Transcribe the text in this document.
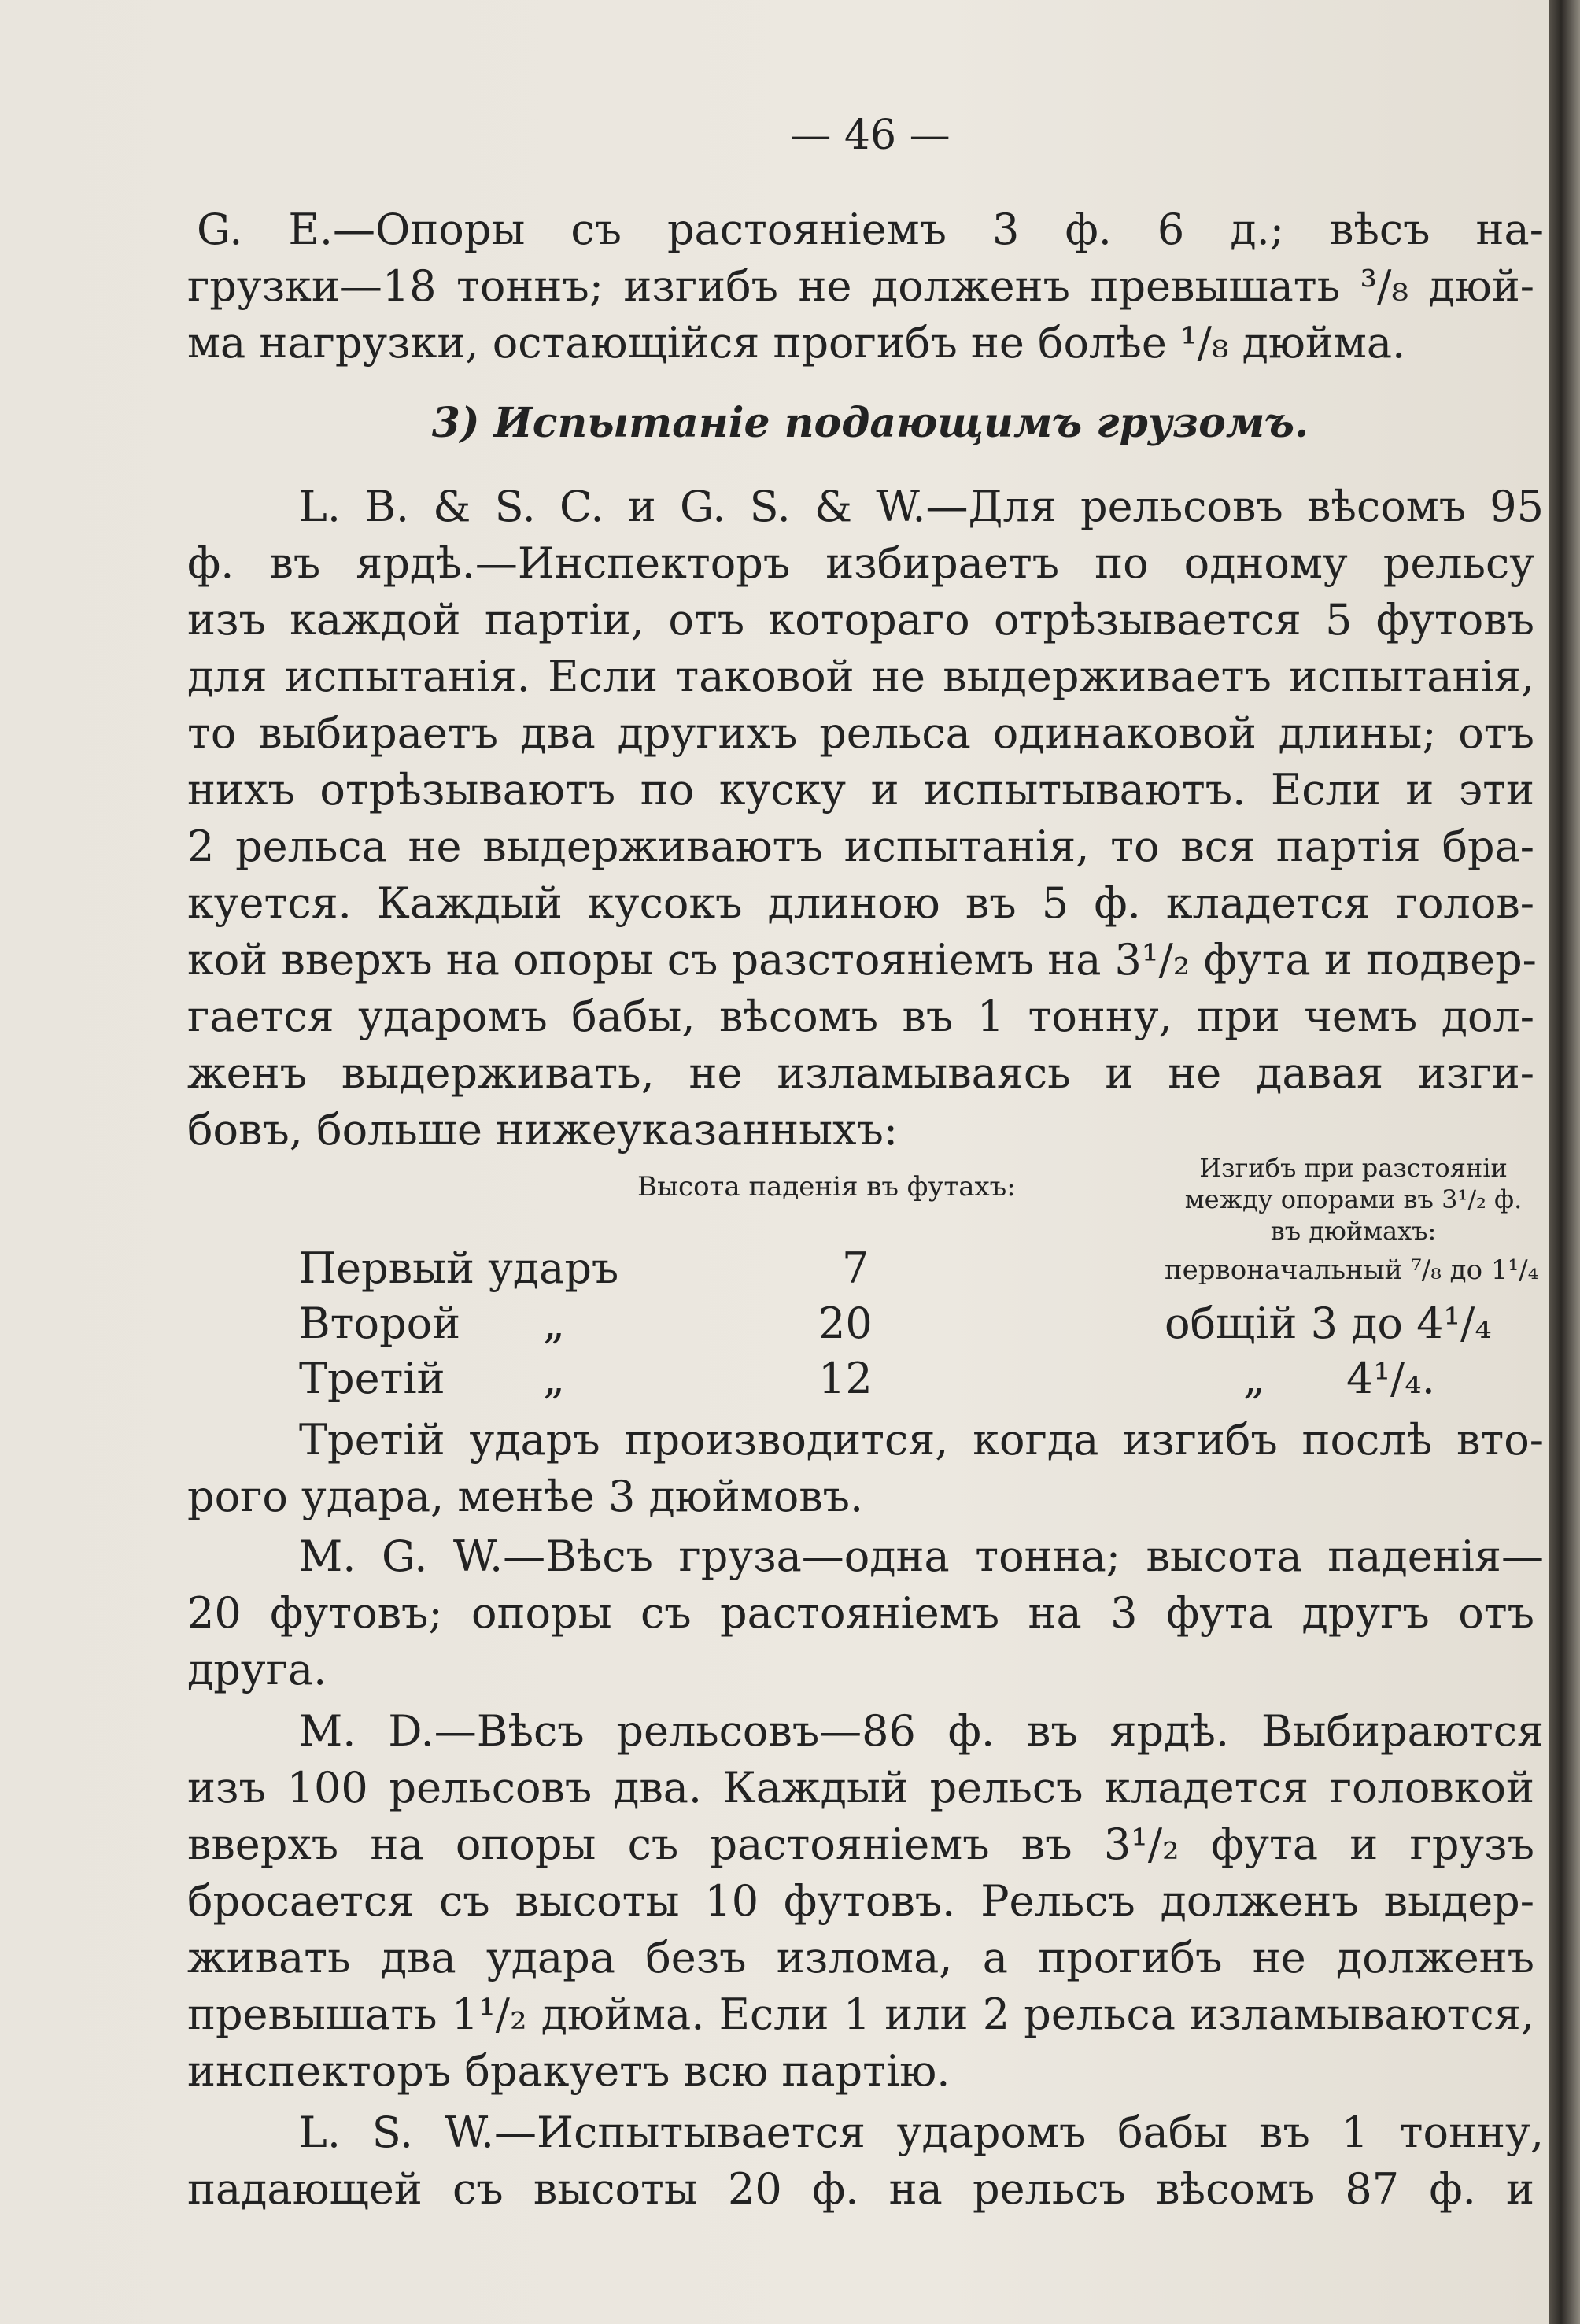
— 46 —
G. E.—Опоры съ растояніемъ 3 ф. 6 д.; вѣсъ на-
грузки—18 тоннъ; изгибъ не долженъ превышать ³/₈ дюй-
ма нагрузки, остающійся прогибъ не болѣе ¹/₈ дюйма.
3) Испытаніе подающимъ грузомъ.
L. B. & S. C. и G. S. & W.—Для рельсовъ вѣсомъ 95
ф. въ ярдѣ.—Инспекторъ избираетъ по одному рельсу
изъ каждой партіи, отъ котораго отрѣзывается 5 футовъ
для испытанія. Если таковой не выдерживаетъ испытанія,
то выбираетъ два другихъ рельса одинаковой длины; отъ
нихъ отрѣзываютъ по куску и испытываютъ. Если и эти
2 рельса не выдерживаютъ испытанія, то вся партія бра-
куется. Каждый кусокъ длиною въ 5 ф. кладется голов-
кой вверхъ на опоры съ разстояніемъ на 3¹/₂ фута и подвер-
гается ударомъ бабы, вѣсомъ въ 1 тонну, при чемъ дол-
женъ выдерживать, не изламываясь и не давая изги-
бовъ, больше нижеуказанныхъ:
Высота паденія въ футахъ:
Изгибъ при разстояніи
между опорами въ 3¹/₂ ф.
въ дюймахъ:
Первый ударъ	7	первоначальный ⁷/₈ до 1¹/₄
Второй „	20	общій 3 до 4¹/₄
Третій „	12	„      4¹/₄.
Третій ударъ производится, когда изгибъ послѣ вто-
рого удара, менѣе 3 дюймовъ.
M. G. W.—Вѣсъ груза—одна тонна; высота паденія—
20 футовъ; опоры съ растояніемъ на 3 фута другъ отъ
друга.
M. D.—Вѣсъ рельсовъ—86 ф. въ ярдѣ. Выбираются
изъ 100 рельсовъ два. Каждый рельсъ кладется головкой
вверхъ на опоры съ растояніемъ въ 3¹/₂ фута и грузъ
бросается съ высоты 10 футовъ. Рельсъ долженъ выдер-
живать два удара безъ излома, а прогибъ не долженъ
превышать 1¹/₂ дюйма. Если 1 или 2 рельса изламываются,
инспекторъ бракуетъ всю партію.
L. S. W.—Испытывается ударомъ бабы въ 1 тонну,
падающей съ высоты 20 ф. на рельсъ вѣсомъ 87 ф. и
